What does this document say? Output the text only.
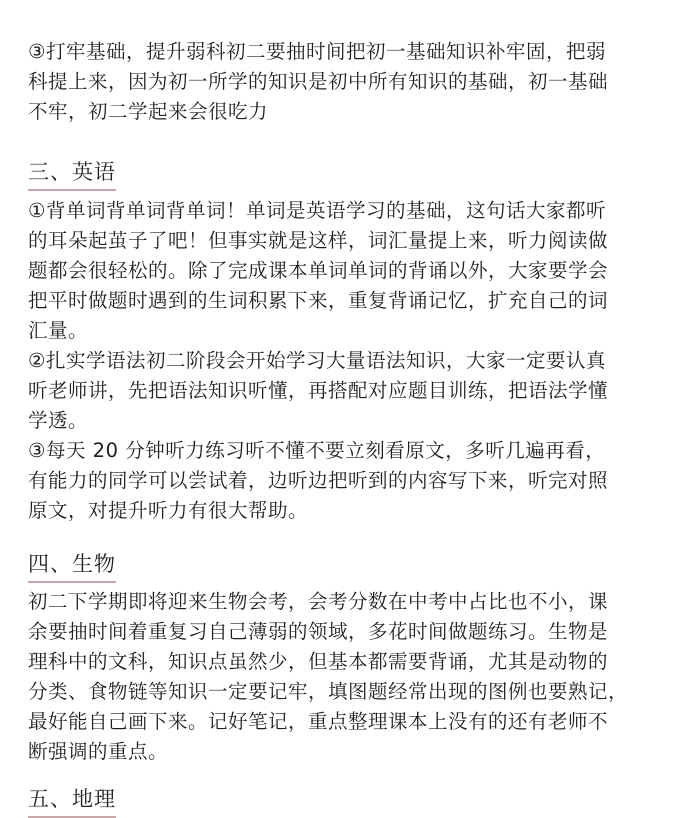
③打牢基础，提升弱科初二要抽时间把初一基础知识补牢固，把弱
科提上来，因为初一所学的知识是初中所有知识的基础，初一基础
不牢，初二学起来会很吃力
三、英语
①背单词背单词背单词！单词是英语学习的基础，这句话大家都听
的耳朵起茧子了吧！但事实就是这样，词汇量提上来，听力阅读做
题都会很轻松的。除了完成课本单词单词的背诵以外，大家要学会
把平时做题时遇到的生词积累下来，重复背诵记忆，扩充自己的词
汇量。
②扎实学语法初二阶段会开始学习大量语法知识，大家一定要认真
听老师讲，先把语法知识听懂，再搭配对应题目训练，把语法学懂
学透。
③每天 20 分钟听力练习听不懂不要立刻看原文，多听几遍再看，
有能力的同学可以尝试着，边听边把听到的内容写下来，听完对照
原文，对提升听力有很大帮助。
四、生物
初二下学期即将迎来生物会考，会考分数在中考中占比也不小，课
余要抽时间着重复习自己薄弱的领域，多花时间做题练习。生物是
理科中的文科，知识点虽然少，但基本都需要背诵，尤其是动物的
分类、食物链等知识一定要记牢，填图题经常出现的图例也要熟记，
最好能自己画下来。记好笔记，重点整理课本上没有的还有老师不
断强调的重点。
五、地理
